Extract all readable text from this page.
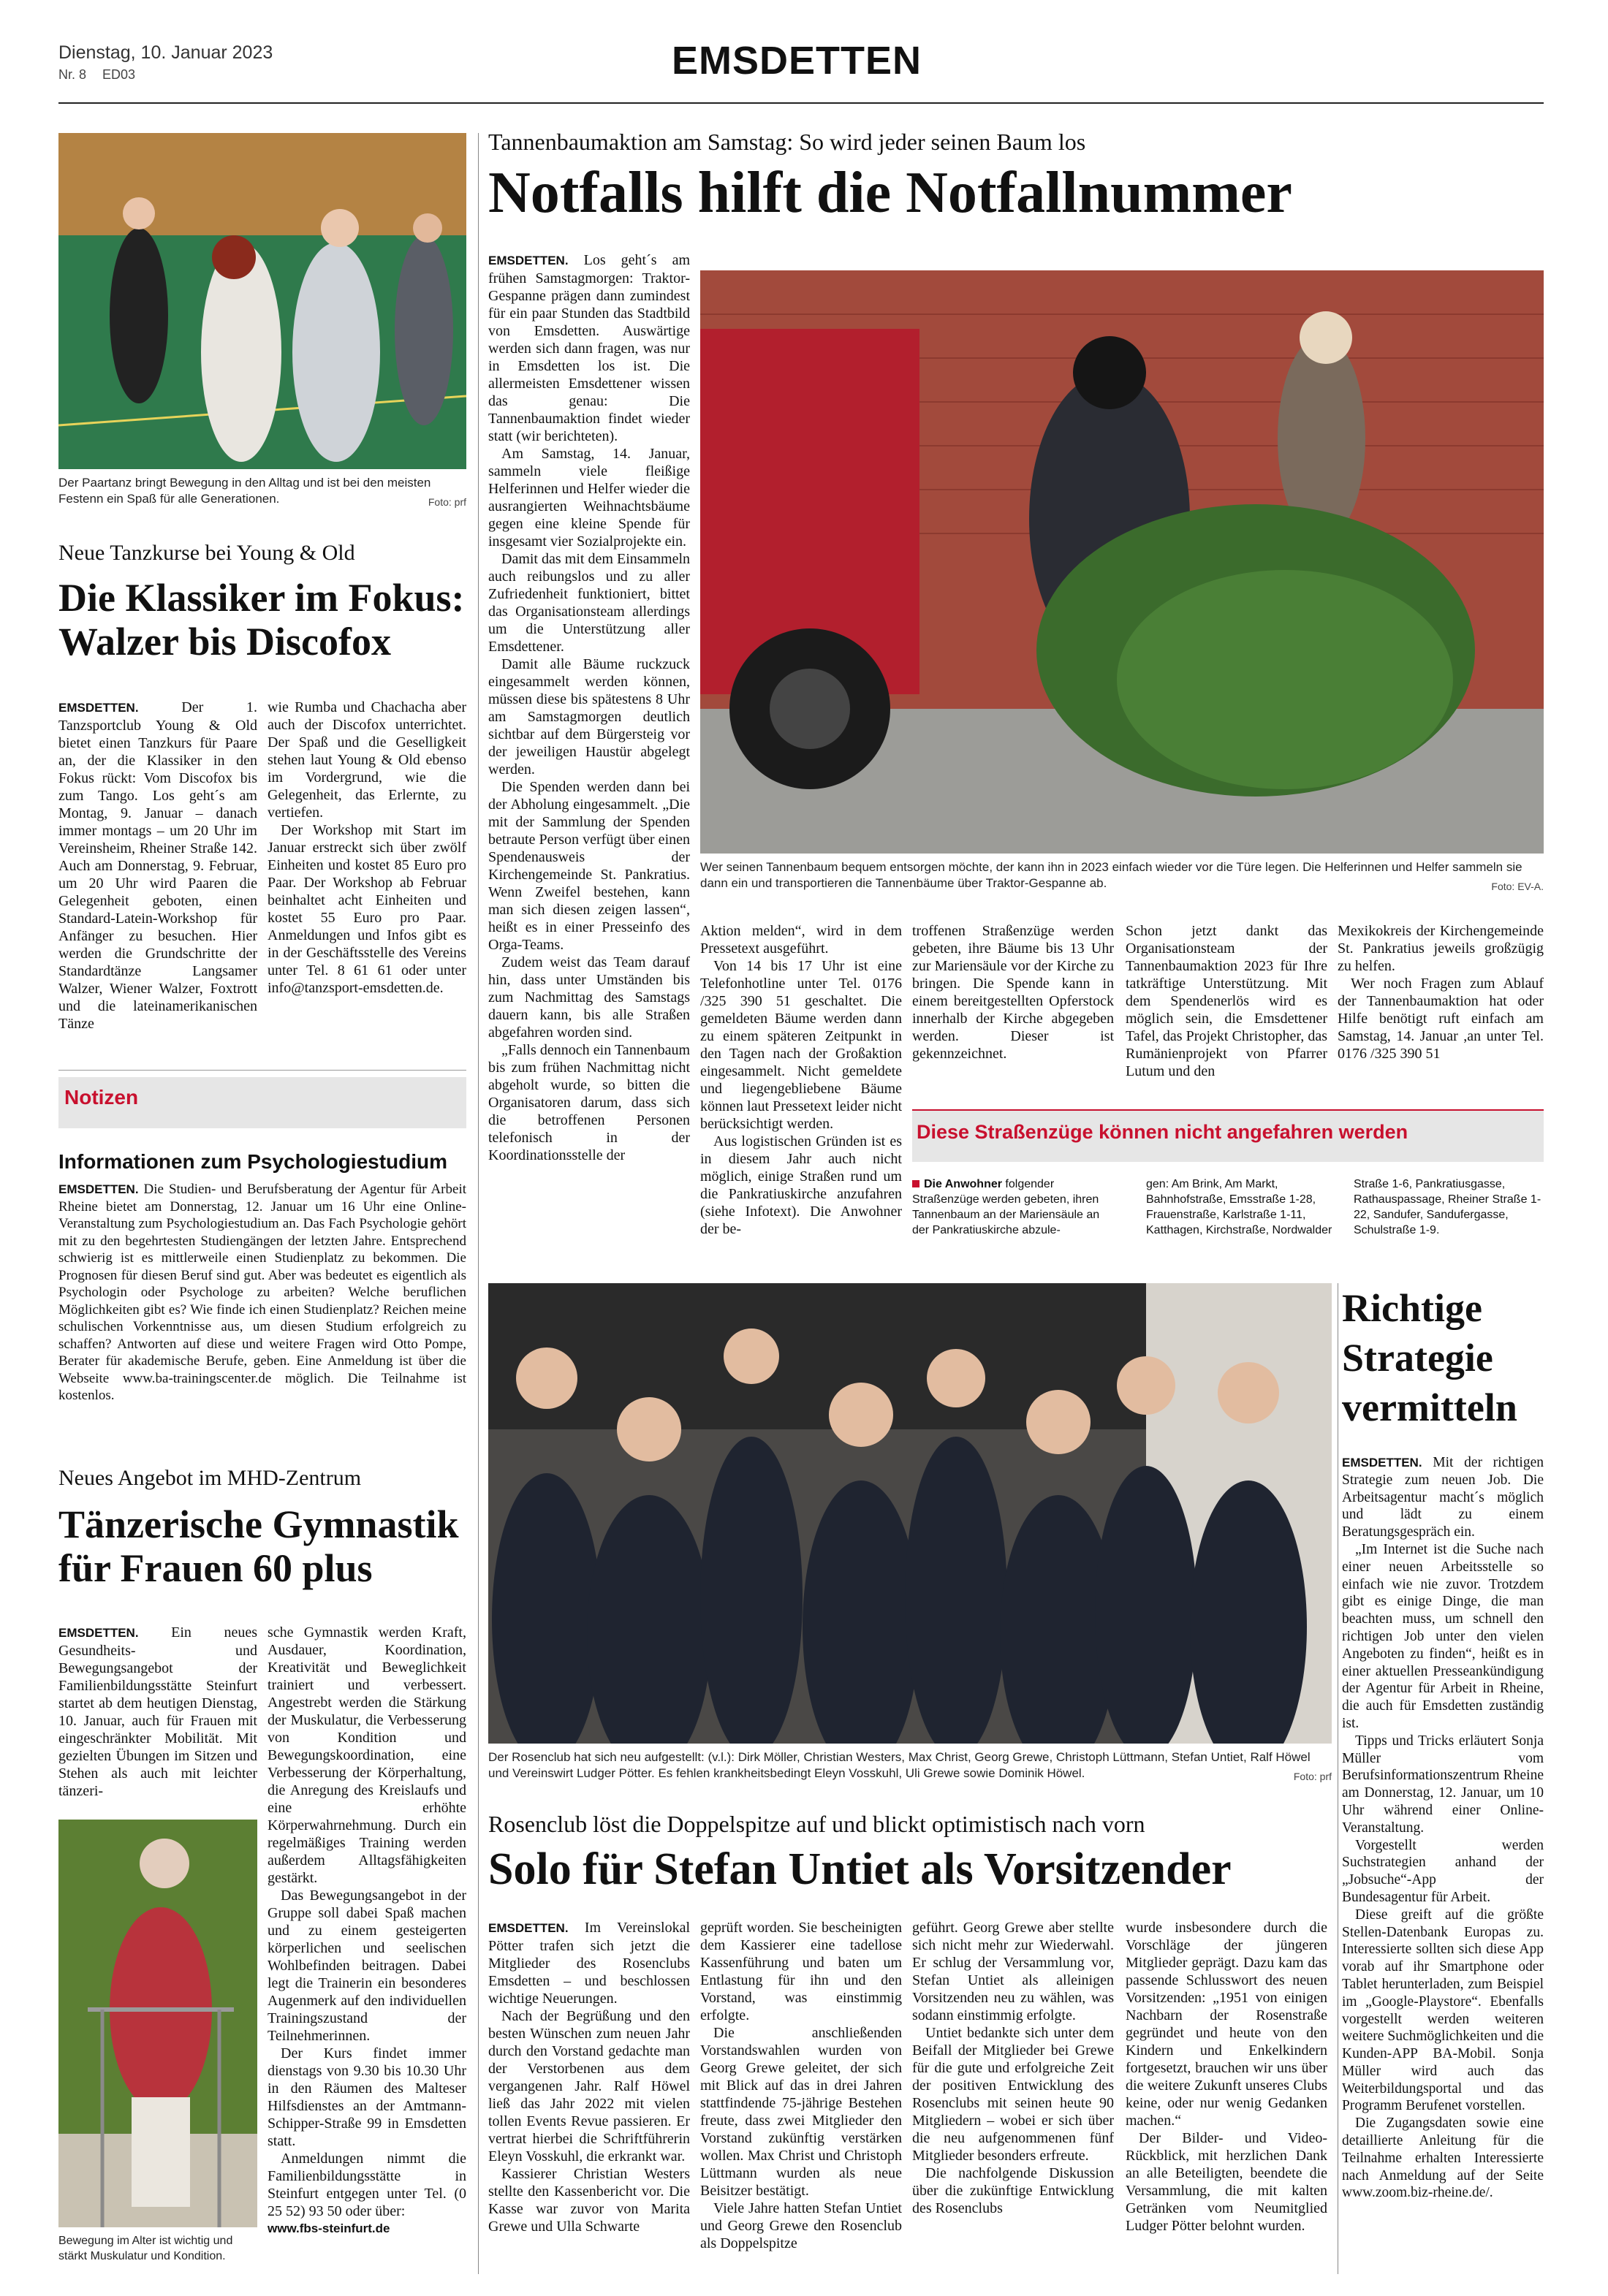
Dienstag, 10. Januar 2023
Nr. 8 ED03	EMSDETTEN
Der Paartanz bringt Bewegung in den Alltag und ist bei den meisten Festenn ein Spaß für alle Generationen.	Foto: prf
Neue Tanzkurse bei Young & Old
Die Klassiker im Fokus:
Walzer bis Discofox

EMSDETTEN.	Der 1. Tanzsportclub Young & Old bietet einen Tanzkurs für Paare an, der die Klassiker in den Fokus rückt: Vom Discofox bis zum Tango. Los geht´s am Montag, 9. Januar – danach immer montags – um 20 Uhr im Vereinsheim, Rheiner Straße 142. Auch am Donnerstag, 9. Februar, um 20 Uhr wird Paaren die Gelegenheit geboten, einen Standard-Latein-Workshop für Anfänger zu besuchen. Hier werden die Grundschritte der Standardtänze Langsamer Walzer, Wiener Walzer, Foxtrott und die lateinamerikanischen Tänze

wie Rumba und Chachacha aber auch der Discofox unterrichtet. Der Spaß und die Geselligkeit stehen laut Young & Old ebenso im Vordergrund, wie die Gelegenheit, das Erlernte, zu vertiefen.

Der Workshop mit Start im Januar erstreckt sich über zwölf Einheiten und kostet 85 Euro pro Paar. Der Workshop ab Februar beinhaltet acht Einheiten und kostet 55 Euro pro Paar. Anmeldungen und Infos gibt es in der Geschäftsstelle des Vereins unter Tel. 8 61 61 oder unter info@tanzsport-emsdetten.de.

Notizen
Informationen zum Psychologiestudium

EMSDETTEN. Die Studien- und Berufsberatung der Agentur für Arbeit Rheine bietet am Donnerstag, 12. Januar um 16 Uhr eine Online-Veranstaltung zum Psychologiestudium an. Das Fach Psychologie gehört mit zu den begehrtesten Studiengängen der letzten Jahre. Entsprechend schwierig ist es mittlerweile einen Studienplatz zu bekommen. Die Prognosen für diesen Beruf sind gut. Aber was bedeutet es eigentlich als Psychologin oder Psychologe zu arbeiten? Welche beruflichen Möglichkeiten gibt es? Wie finde ich einen Studienplatz? Reichen meine schulischen Vorkenntnisse aus, um diesen Studium erfolgreich zu schaffen? Antworten auf diese und weitere Fragen wird Otto Pompe, Berater für akademische Berufe, geben. Eine Anmeldung ist über die Webseite www.ba-trainingscenter.de möglich. Die Teilnahme ist kostenlos.

Neues Angebot im MHD-Zentrum
Tänzerische Gymnastik
für Frauen 60 plus

EMSDETTEN. Ein neues Gesundheits- und Bewegungsangebot der Familienbildungsstätte Steinfurt startet ab dem heutigen Dienstag, 10. Januar, auch für Frauen mit eingeschränkter Mobilität. Mit gezielten Übungen im Sitzen und Stehen als auch mit leichter tänzeri-

Bewegung im Alter ist wichtig und stärkt Muskulatur und Kondition.

sche Gymnastik werden Kraft, Ausdauer, Koordination, Kreativität und Beweglichkeit trainiert und verbessert. Angestrebt werden die Stärkung der Muskulatur, die Verbesserung von Kondition und Bewegungskoordination, eine Verbesserung der Körperhaltung, die Anregung des Kreislaufs und eine erhöhte Körperwahrnehmung. Durch ein regelmäßiges Training werden außerdem Alltagsfähigkeiten gestärkt.

Das Bewegungsangebot in der Gruppe soll dabei Spaß machen und zu einem gesteigerten körperlichen und seelischen Wohlbefinden beitragen. Dabei legt die Trainerin ein besonderes Augenmerk auf den individuellen Trainingszustand der Teilnehmerinnen.

Der Kurs findet immer dienstags von 9.30 bis 10.30 Uhr in den Räumen des Malteser Hilfsdienstes an der Amtmann-Schipper-Straße 99 in Emsdetten statt.

Anmeldungen nimmt die Familienbildungsstätte in Steinfurt entgegen unter Tel. (0 25 52) 93 50 oder über:

www.fbs-steinfurt.de

Tannenbaumaktion am Samstag: So wird jeder seinen Baum los
Notfalls hilft die Notfallnummer

EMSDETTEN. Los geht´s am frühen Samstagmorgen: Traktor-Gespanne prägen dann zumindest für ein paar Stunden das Stadtbild von Emsdetten. Auswärtige werden sich dann fragen, was nur in Emsdetten los ist. Die allermeisten Emsdettener wissen das genau: Die Tannenbaumaktion findet wieder statt (wir berichteten).

Am Samstag, 14. Januar, sammeln viele fleißige Helferinnen und Helfer wieder die ausrangierten Weihnachtsbäume gegen eine kleine Spende für insgesamt vier Sozialprojekte ein.

Damit das mit dem Einsammeln auch reibungslos und zu aller Zufriedenheit funktioniert, bittet das Organisationsteam allerdings um die Unterstützung aller Emsdettener.

Damit alle Bäume ruckzuck eingesammelt werden können, müssen diese bis spätestens 8 Uhr am Samstagmorgen deutlich sichtbar auf dem Bürgersteig vor der jeweiligen Haustür abgelegt werden.

Die Spenden werden dann bei der Abholung eingesammelt. „Die mit der Sammlung der Spenden betraute Person verfügt über einen Spendenausweis der Kirchengemeinde St. Pankratius. Wenn Zweifel bestehen, kann man sich diesen zeigen lassen“, heißt es in einer Presseinfo des Orga-Teams.

Zudem weist das Team darauf hin, dass unter Umständen bis zum Nachmittag des Samstags dauern kann, bis alle Straßen abgefahren worden sind.

„Falls dennoch ein Tannenbaum bis zum frühen Nachmittag nicht abgeholt wurde, so bitten die Organisatoren darum, dass sich die betroffenen Personen telefonisch in der Koordinationsstelle der

Wer seinen Tannenbaum bequem entsorgen möchte, der kann ihn in 2023 einfach wieder vor die Türe legen. Die Helferinnen und Helfer sammeln sie dann ein und transportieren die Tannenbäume über Traktor-Gespanne ab.	Foto: EV-A.

Aktion melden“, wird in dem Pressetext ausgeführt.

Von 14 bis 17 Uhr ist eine Telefonhotline unter Tel. 0176 /325 390 51 geschaltet. Die gemeldeten Bäume werden dann zu einem späteren Zeitpunkt in den Tagen nach der Großaktion eingesammelt. Nicht gemeldete und liegengebliebene Bäume können laut Pressetext leider nicht berücksichtigt werden.

Aus logistischen Gründen ist es in diesem Jahr auch nicht möglich, einige Straßen rund um die Pankratiuskirche anzufahren (siehe Infotext). Die Anwohner der be-

troffenen Straßenzüge werden gebeten, ihre Bäume bis 13 Uhr zur Mariensäule vor der Kirche zu bringen. Die Spende kann in einem bereitgestellten Opferstock innerhalb der Kirche abgegeben werden. Dieser ist gekennzeichnet.

Schon jetzt dankt das Organisationsteam der Tannenbaumaktion 2023 für Ihre tatkräftige Unterstützung. Mit dem Spendenerlös wird es möglich sein, die Emsdettener Tafel, das Projekt Christopher, das Rumänienprojekt von Pfarrer Lutum und den

Mexikokreis der Kirchengemeinde St. Pankratius jeweils großzügig zu helfen.

Wer noch Fragen zum Ablauf der Tannenbaumaktion hat oder Hilfe benötigt ruft einfach am Samstag, 14. Januar ,an unter Tel. 0176 /325 390 51

Diese Straßenzüge können nicht angefahren werden
Die Anwohner folgender Straßenzüge werden gebeten, ihren Tannenbaum an der Mariensäule an der Pankratiuskirche abzule-
gen: Am Brink, Am Markt, Bahnhofstraße, Emsstraße 1-28, Frauenstraße, Karlstraße 1-11, Katthagen, Kirchstraße, Nordwalder
Straße 1-6, Pankratiusgasse, Rathauspassage, Rheiner Straße 1-22, Sandufer, Sandufergasse, Schulstraße 1-9.
Der Rosenclub hat sich neu aufgestellt: (v.l.): Dirk Möller, Christian Westers, Max Christ, Georg Grewe, Christoph Lüttmann, Stefan Untiet, Ralf Höwel und Vereinswirt Ludger Pötter. Es fehlen krankheitsbedingt Eleyn Vosskuhl, Uli Grewe sowie Dominik Höwel.	Foto: prf
Rosenclub löst die Doppelspitze auf und blickt optimistisch nach vorn
Solo für Stefan Untiet als Vorsitzender

EMSDETTEN. Im Vereinslokal Pötter trafen sich jetzt die Mitglieder des Rosenclubs Emsdetten – und beschlossen wichtige Neuerungen.

Nach der Begrüßung und den besten Wünschen zum neuen Jahr durch den Vorstand gedachte man der Verstorbenen aus dem vergangenen Jahr. Ralf Höwel ließ das Jahr 2022 mit vielen tollen Events Revue passieren. Er vertrat hierbei die Schriftführerin Eleyn Vosskuhl, die erkrankt war.

Kassierer Christian Westers stellte den Kassenbericht vor. Die Kasse war zuvor von Marita Grewe und Ulla Schwarte

geprüft worden. Sie bescheinigten dem Kassierer eine tadellose Kassenführung und baten um Entlastung für ihn und den Vorstand, was einstimmig erfolgte.

Die anschließenden Vorstandswahlen wurden von Georg Grewe geleitet, der sich mit Blick auf das in drei Jahren stattfindende 75-jährige Bestehen freute, dass zwei Mitglieder den Vorstand zukünftig verstärken wollen. Max Christ und Christoph Lüttmann wurden als neue Beisitzer bestätigt.

Viele Jahre hatten Stefan Untiet und Georg Grewe den Rosenclub als Doppelspitze

geführt. Georg Grewe aber stellte sich nicht mehr zur Wiederwahl. Er schlug der Versammlung vor, Stefan Untiet als alleinigen Vorsitzenden neu zu wählen, was sodann einstimmig erfolgte.

Untiet bedankte sich unter dem Beifall der Mitglieder bei Grewe für die gute und erfolgreiche Zeit der positiven Entwicklung des Rosenclubs mit seinen heute 90 Mitgliedern – wobei er sich über die neu aufgenommenen fünf Mitglieder besonders erfreute.

Die nachfolgende Diskussion über die zukünftige Entwicklung des Rosenclubs

wurde insbesondere durch die Vorschläge der jüngeren Mitglieder geprägt. Dazu kam das passende Schlusswort des neuen Vorsitzenden: „1951 von einigen Nachbarn der Rosenstraße gegründet und heute von den Kindern und Enkelkindern fortgesetzt, brauchen wir uns über die weitere Zukunft unseres Clubs keine, oder nur wenig Gedanken machen.“

Der Bilder- und Video-Rückblick, mit herzlichen Dank an alle Beteiligten, beendete die Versammlung, die mit kalten Getränken vom Neumitglied Ludger Pötter belohnt wurden.

Richtige
Strategie
vermitteln

EMSDETTEN. Mit der richtigen Strategie zum neuen Job. Die Arbeitsagentur macht´s möglich und lädt zu einem Beratungsgespräch ein.

„Im Internet ist die Suche nach einer neuen Arbeitsstelle so einfach wie nie zuvor. Trotzdem gibt es einige Dinge, die man beachten muss, um schnell den richtigen Job unter den vielen Angeboten zu finden“, heißt es in einer aktuellen Presseankündigung der Agentur für Arbeit in Rheine, die auch für Emsdetten zuständig ist.

Tipps und Tricks erläutert Sonja Müller vom Berufsinformationszentrum Rheine am Donnerstag, 12. Januar, um 10 Uhr während einer Online-Veranstaltung.

Vorgestellt werden Suchstrategien anhand der „Jobsuche“-App der Bundesagentur für Arbeit.

Diese greift auf die größte Stellen-Datenbank Europas zu. Interessierte sollten sich diese App vorab auf ihr Smartphone oder Tablet herunterladen, zum Beispiel im „Google-Playstore“. Ebenfalls vorgestellt werden weiteren weitere Suchmöglichkeiten und die Kunden-APP BA-Mobil. Sonja Müller wird auch das Weiterbildungsportal und das Programm Berufenet vorstellen.

Die Zugangsdaten sowie eine detaillierte Anleitung für die Teilnahme erhalten Interessierte nach Anmeldung auf der Seite www.zoom.biz-rheine.de/.
